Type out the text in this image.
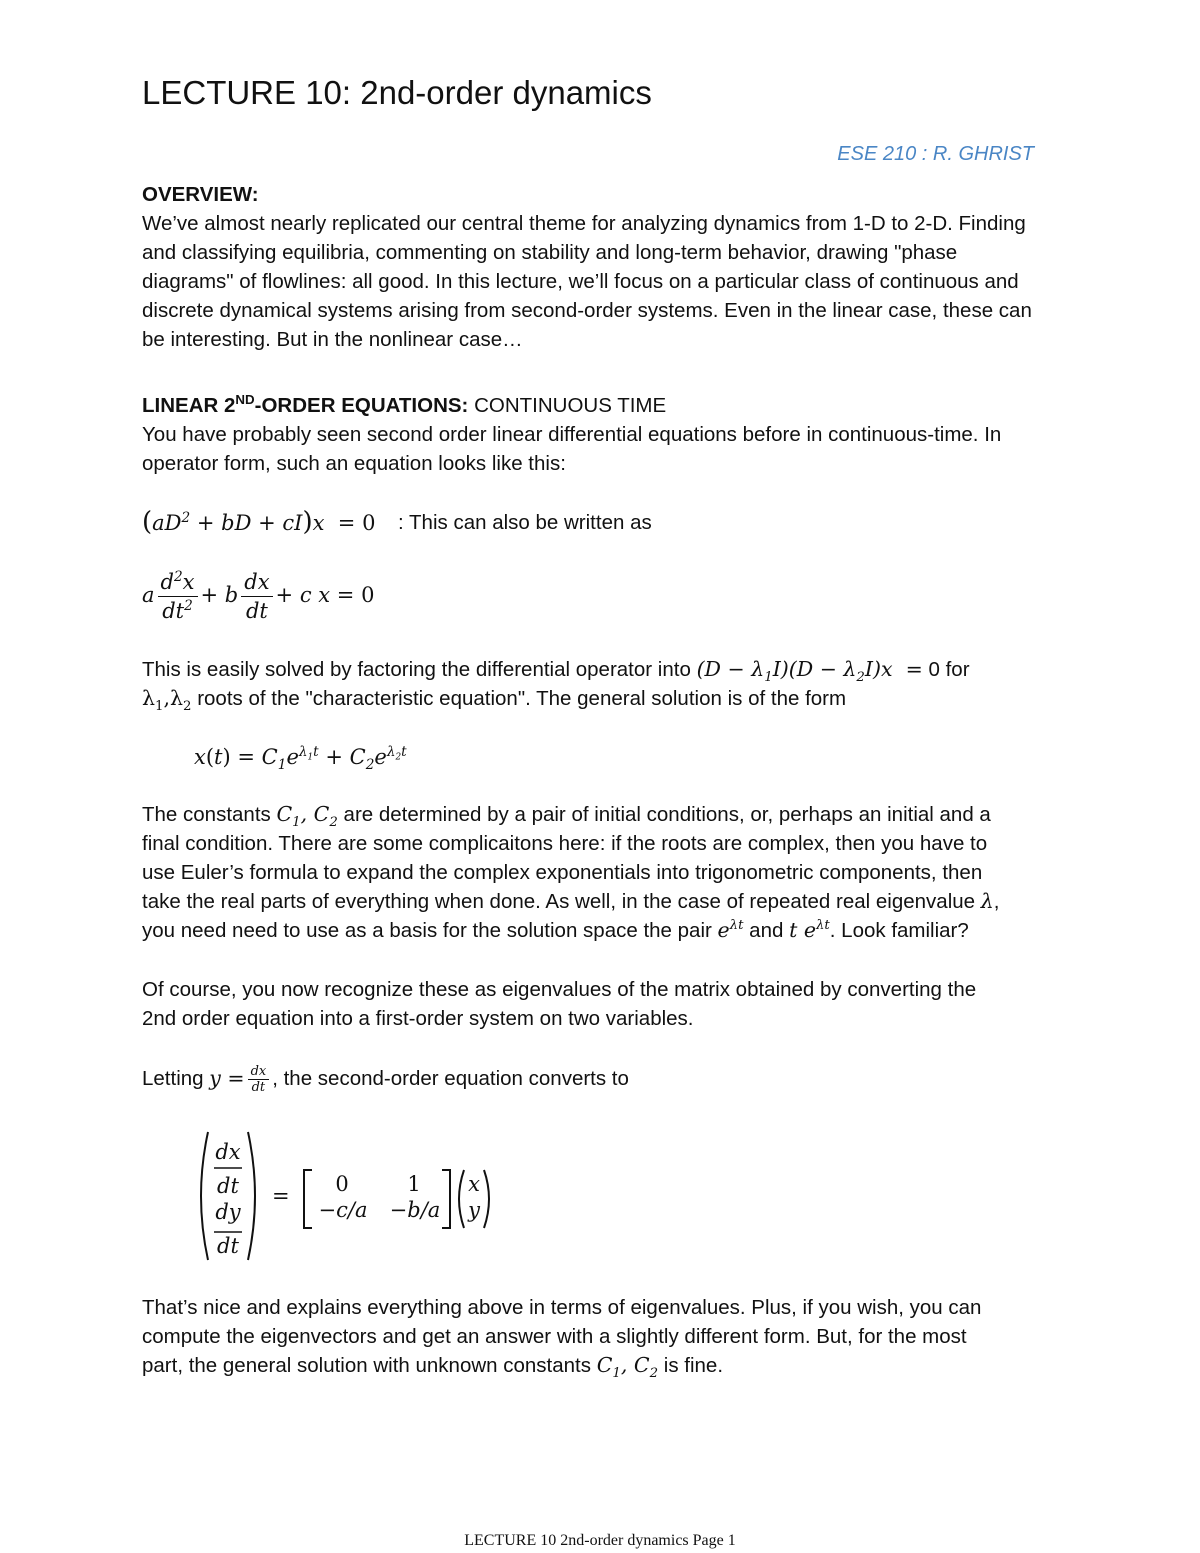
LECTURE 10: 2nd-order dynamics
ESE 210 : R. GHRIST
OVERVIEW:
We’ve almost nearly replicated our central theme for analyzing dynamics from 1-D to 2-D. Finding
and classifying equilibria, commenting on stability and long-term behavior, drawing "phase
diagrams" of flowlines: all good. In this lecture, we’ll focus on a particular class of continuous and
discrete dynamical systems arising from second-order systems. Even in the linear case, these can
be interesting. But in the nonlinear case…
LINEAR 2ND-ORDER EQUATIONS: CONTINUOUS TIME
You have probably seen second order linear differential equations before in continuous-time. In
operator form, such an equation looks like this:
($aD^2$ + bD + cI)x  = 0 : This can also be written as
a $\frac{d^2x}{dt^2} + b \frac{dx}{dt} + c$ x = 0
This is easily solved by factoring the differential operator into $(D - \lambda_1I)(D - \lambda_2I)x = 0$ for
$\lambda_1,\lambda_2$ roots of the "characteristic equation". The general solution is of the form
$x(t) = C_1e^{\lambda_1t} + C_2e^{\lambda_2t}$
The constants $C_1$, $C_2$ are determined by a pair of initial conditions, or, perhaps an initial and a
final condition. There are some complicaitons here: if the roots are complex, then you have to
use Euler’s formula to expand the complex exponentials into trigonometric components, then
take the real parts of everything when done. As well, in the case of repeated real eigenvalue λ,
you need need to use as a basis for the solution space the pair $e^{\lambda t}$ and t $e^{\lambda t}$. Look familiar?
Of course, you now recognize these as eigenvalues of the matrix obtained by converting the
2nd order equation into a first-order system on two variables.
Letting $y = \frac{dx}{dt}$ , the second-order equation converts to
dx
dt
dy
dt
=	0	1
−c/a	−b/a
x
y
That’s nice and explains everything above in terms of eigenvalues. Plus, if you wish, you can
compute the eigenvectors and get an answer with a slightly different form. But, for the most
part, the general solution with unknown constants $C_1$, $C_2$ is fine.
LECTURE 10 2nd-order dynamics Page 1
